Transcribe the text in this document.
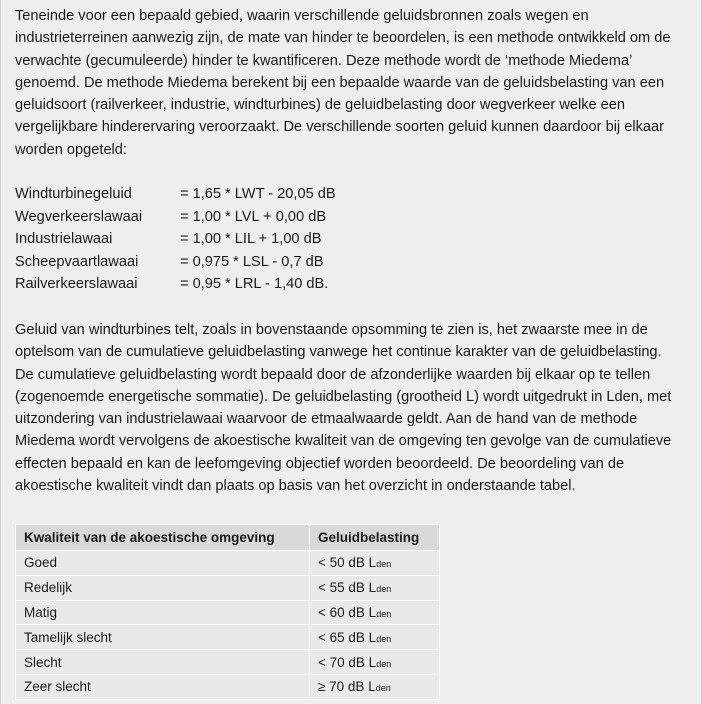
Teneinde voor een bepaald gebied, waarin verschillende geluidsbronnen zoals wegen en
industrieterreinen aanwezig zijn, de mate van hinder te beoordelen, is een methode ontwikkeld om de
verwachte (gecumuleerde) hinder te kwantificeren. Deze methode wordt de ‘methode Miedema’
genoemd. De methode Miedema berekent bij een bepaalde waarde van de geluidsbelasting van een
geluidsoort (railverkeer, industrie, windturbines) de geluidbelasting door wegverkeer welke een
vergelijkbare hinderervaring veroorzaakt. De verschillende soorten geluid kunnen daardoor bij elkaar
worden opgeteld:

Windturbinegeluid	= 1,65 * LWT - 20,05 dB
Wegverkeerslawaai	= 1,00 * LVL + 0,00 dB
Industrielawaai	= 1,00 * LIL + 1,00 dB
Scheepvaartlawaai	= 0,975 * LSL - 0,7 dB
Railverkeerslawaai	= 0,95 * LRL - 1,40 dB.

Geluid van windturbines telt, zoals in bovenstaande opsomming te zien is, het zwaarste mee in de
optelsom van de cumulatieve geluidbelasting vanwege het continue karakter van de geluidbelasting.
De cumulatieve geluidbelasting wordt bepaald door de afzonderlijke waarden bij elkaar op te tellen
(zogenoemde energetische sommatie). De geluidbelasting (grootheid L) wordt uitgedrukt in Lden, met
uitzondering van industrielawaai waarvoor de etmaalwaarde geldt. Aan de hand van de methode
Miedema wordt vervolgens de akoestische kwaliteit van de omgeving ten gevolge van de cumulatieve
effecten bepaald en kan de leefomgeving objectief worden beoordeeld. De beoordeling van de
akoestische kwaliteit vindt dan plaats op basis van het overzicht in onderstaande tabel.

Kwaliteit van de akoestische omgeving	Geluidbelasting
Goed	< 50 dB Lden
Redelijk	< 55 dB Lden
Matig	< 60 dB Lden
Tamelijk slecht	< 65 dB Lden
Slecht	< 70 dB Lden
Zeer slecht	≥ 70 dB Lden
